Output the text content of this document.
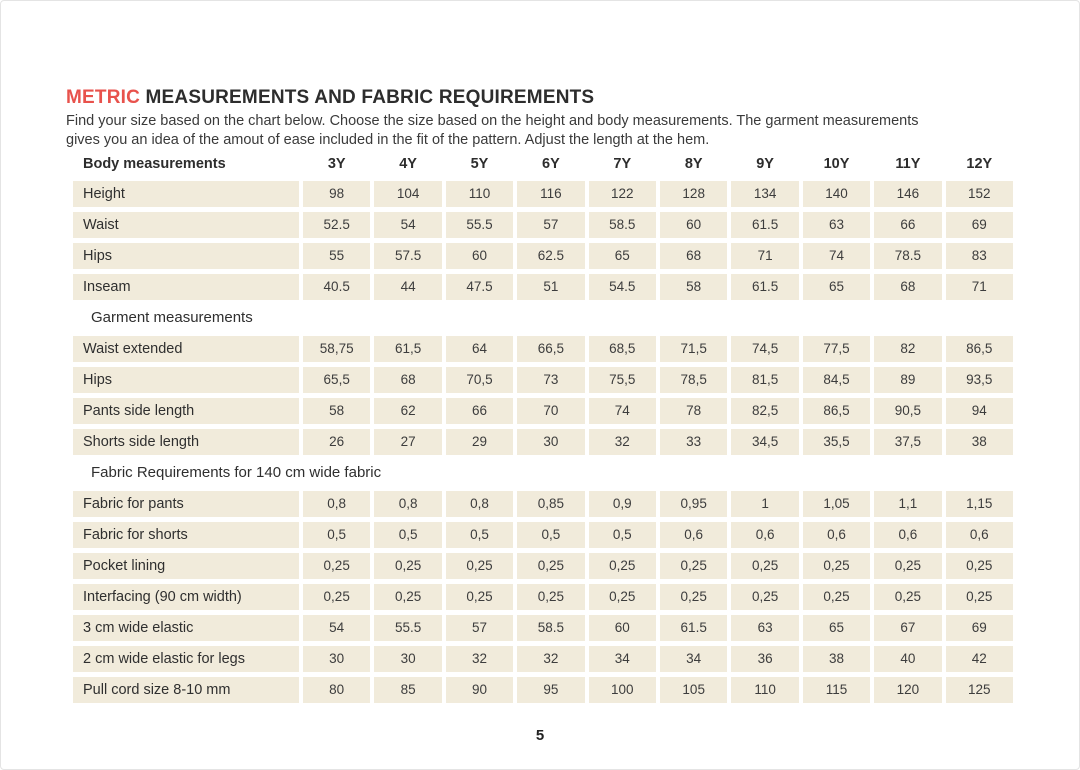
METRIC MEASUREMENTS AND FABRIC REQUIREMENTS

Find your size based on the chart below. Choose the size based on the height and body measurements. The garment measurements
gives you an idea of the amout of ease included in the fit of the pattern. Adjust the length at the hem.

Body measurements	3Y	4Y	5Y	6Y	7Y	8Y	9Y	10Y	11Y	12Y
Height	98	104	110	116	122	128	134	140	146	152
Waist	52.5	54	55.5	57	58.5	60	61.5	63	66	69
Hips	55	57.5	60	62.5	65	68	71	74	78.5	83
Inseam	40.5	44	47.5	51	54.5	58	61.5	65	68	71
Garment measurements
Waist extended	58,75	61,5	64	66,5	68,5	71,5	74,5	77,5	82	86,5
Hips	65,5	68	70,5	73	75,5	78,5	81,5	84,5	89	93,5
Pants side length	58	62	66	70	74	78	82,5	86,5	90,5	94
Shorts side length	26	27	29	30	32	33	34,5	35,5	37,5	38
Fabric Requirements for 140 cm wide fabric
Fabric for pants	0,8	0,8	0,8	0,85	0,9	0,95	1	1,05	1,1	1,15
Fabric for shorts	0,5	0,5	0,5	0,5	0,5	0,6	0,6	0,6	0,6	0,6
Pocket lining	0,25	0,25	0,25	0,25	0,25	0,25	0,25	0,25	0,25	0,25
Interfacing (90 cm width)	0,25	0,25	0,25	0,25	0,25	0,25	0,25	0,25	0,25	0,25
3 cm wide elastic	54	55.5	57	58.5	60	61.5	63	65	67	69
2 cm wide elastic for legs	30	30	32	32	34	34	36	38	40	42
Pull cord size 8-10 mm	80	85	90	95	100	105	110	115	120	125
5
